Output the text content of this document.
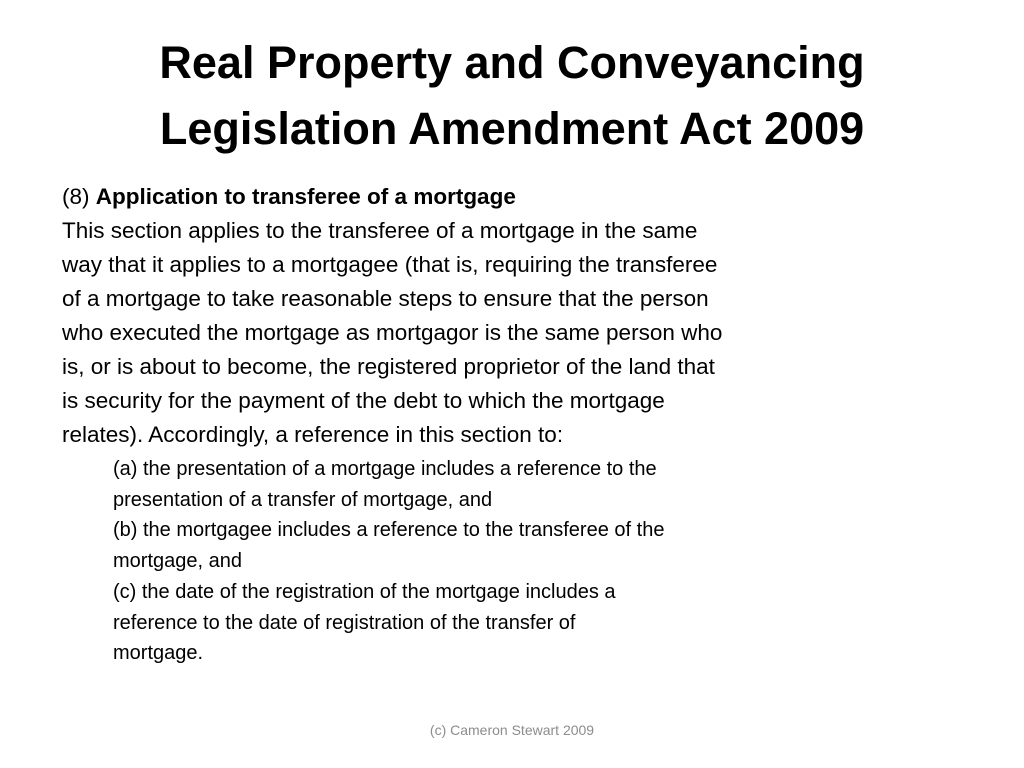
Real Property and Conveyancing
Legislation Amendment Act 2009

(8) Application to transferee of a mortgage

This section applies to the transferee of a mortgage in the same

way that it applies to a mortgagee (that is, requiring the transferee

of a mortgage to take reasonable steps to ensure that the person

who executed the mortgage as mortgagor is the same person who

is, or is about to become, the registered proprietor of the land that

is security for the payment of the debt to which the mortgage

relates). Accordingly, a reference in this section to:

(a) the presentation of a mortgage includes a reference to the

presentation of a transfer of mortgage, and

(b) the mortgagee includes a reference to the transferee of the

mortgage, and

(c) the date of the registration of the mortgage includes a

reference to the date of registration of the transfer of

mortgage.

(c) Cameron Stewart 2009
